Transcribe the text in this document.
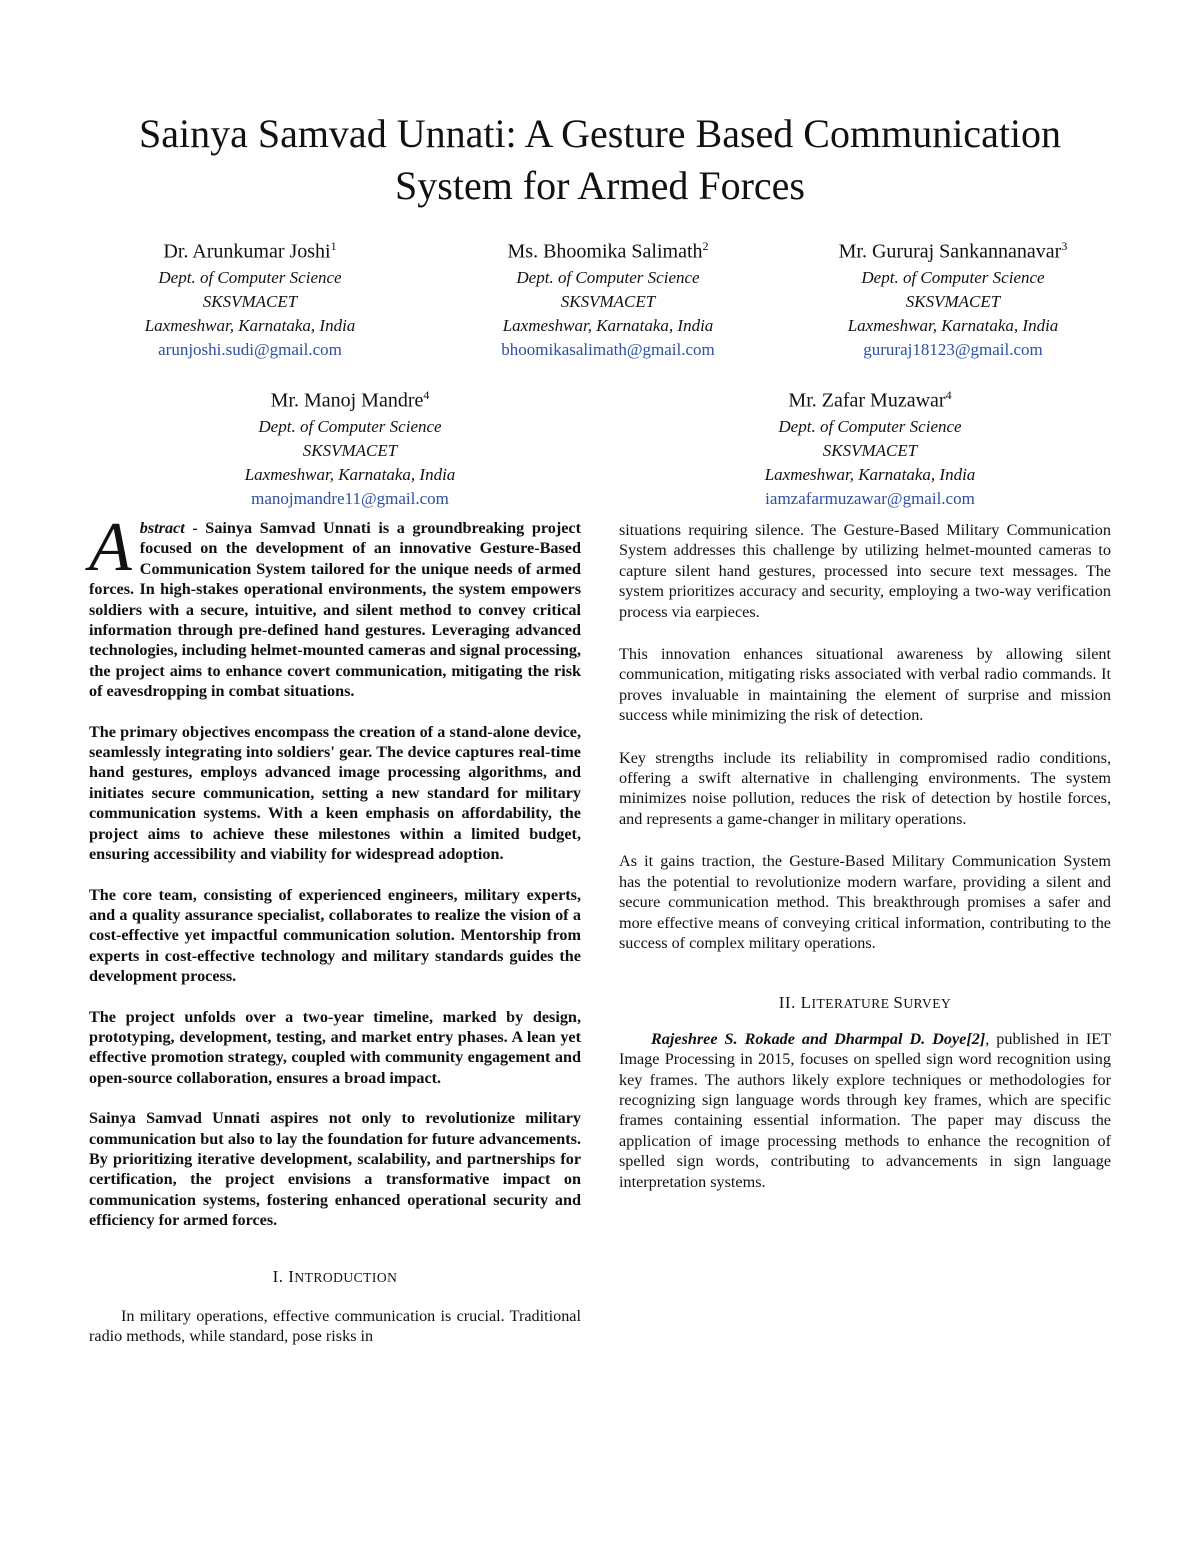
Sainya Samvad Unnati: A Gesture Based Communication
System for Armed Forces

Dr. Arunkumar Joshi$^1$

Dept. of Computer Science

SKSVMACET

Laxmeshwar, Karnataka, India

arunjoshi.sudi@gmail.com

Ms. Bhoomika Salimath$^2$

Dept. of Computer Science

SKSVMACET

Laxmeshwar, Karnataka, India

bhoomikasalimath@gmail.com

Mr. Gururaj Sankannanavar$^3$

Dept. of Computer Science

SKSVMACET

Laxmeshwar, Karnataka, India

gururaj18123@gmail.com

Mr. Manoj Mandre$^4$

Dept. of Computer Science

SKSVMACET

Laxmeshwar, Karnataka, India

manojmandre11@gmail.com

Mr. Zafar Muzawar$^4$

Dept. of Computer Science

SKSVMACET

Laxmeshwar, Karnataka, India

iamzafarmuzawar@gmail.com

Abstract - Sainya Samvad Unnati is a groundbreaking project focused on the development of an innovative Gesture-Based Communication System tailored for the unique needs of armed forces. In high-stakes operational environments, the system empowers soldiers with a secure, intuitive, and silent method to convey critical information through pre-defined hand gestures. Leveraging advanced technologies, including helmet-mounted cameras and signal processing, the project aims to enhance covert communication, mitigating the risk of eavesdropping in combat situations.

The primary objectives encompass the creation of a stand-alone device, seamlessly integrating into soldiers' gear. The device captures real-time hand gestures, employs advanced image processing algorithms, and initiates secure communication, setting a new standard for military communication systems. With a keen emphasis on affordability, the project aims to achieve these milestones within a limited budget, ensuring accessibility and viability for widespread adoption.

The core team, consisting of experienced engineers, military experts, and a quality assurance specialist, collaborates to realize the vision of a cost-effective yet impactful communication solution. Mentorship from experts in cost-effective technology and military standards guides the development process.

The project unfolds over a two-year timeline, marked by design, prototyping, development, testing, and market entry phases. A lean yet effective promotion strategy, coupled with community engagement and open-source collaboration, ensures a broad impact.

Sainya Samvad Unnati aspires not only to revolutionize military communication but also to lay the foundation for future advancements. By prioritizing iterative development, scalability, and partnerships for certification, the project envisions a transformative impact on communication systems, fostering enhanced operational security and efficiency for armed forces.

I. INTRODUCTION

In military operations, effective communication is crucial. Traditional radio methods, while standard, pose risks in

situations requiring silence. The Gesture-Based Military Communication System addresses this challenge by utilizing helmet-mounted cameras to capture silent hand gestures, processed into secure text messages. The system prioritizes accuracy and security, employing a two-way verification process via earpieces.

This innovation enhances situational awareness by allowing silent communication, mitigating risks associated with verbal radio commands. It proves invaluable in maintaining the element of surprise and mission success while minimizing the risk of detection.

Key strengths include its reliability in compromised radio conditions, offering a swift alternative in challenging environments. The system minimizes noise pollution, reduces the risk of detection by hostile forces, and represents a game-changer in military operations.

As it gains traction, the Gesture-Based Military Communication System has the potential to revolutionize modern warfare, providing a silent and secure communication method. This breakthrough promises a safer and more effective means of conveying critical information, contributing to the success of complex military operations.

II. LITERATURE SURVEY

Rajeshree S. Rokade and Dharmpal D. Doye[2], published in IET Image Processing in 2015, focuses on spelled sign word recognition using key frames. The authors likely explore techniques or methodologies for recognizing sign language words through key frames, which are specific frames containing essential information. The paper may discuss the application of image processing methods to enhance the recognition of spelled sign words, contributing to advancements in sign language interpretation systems.
